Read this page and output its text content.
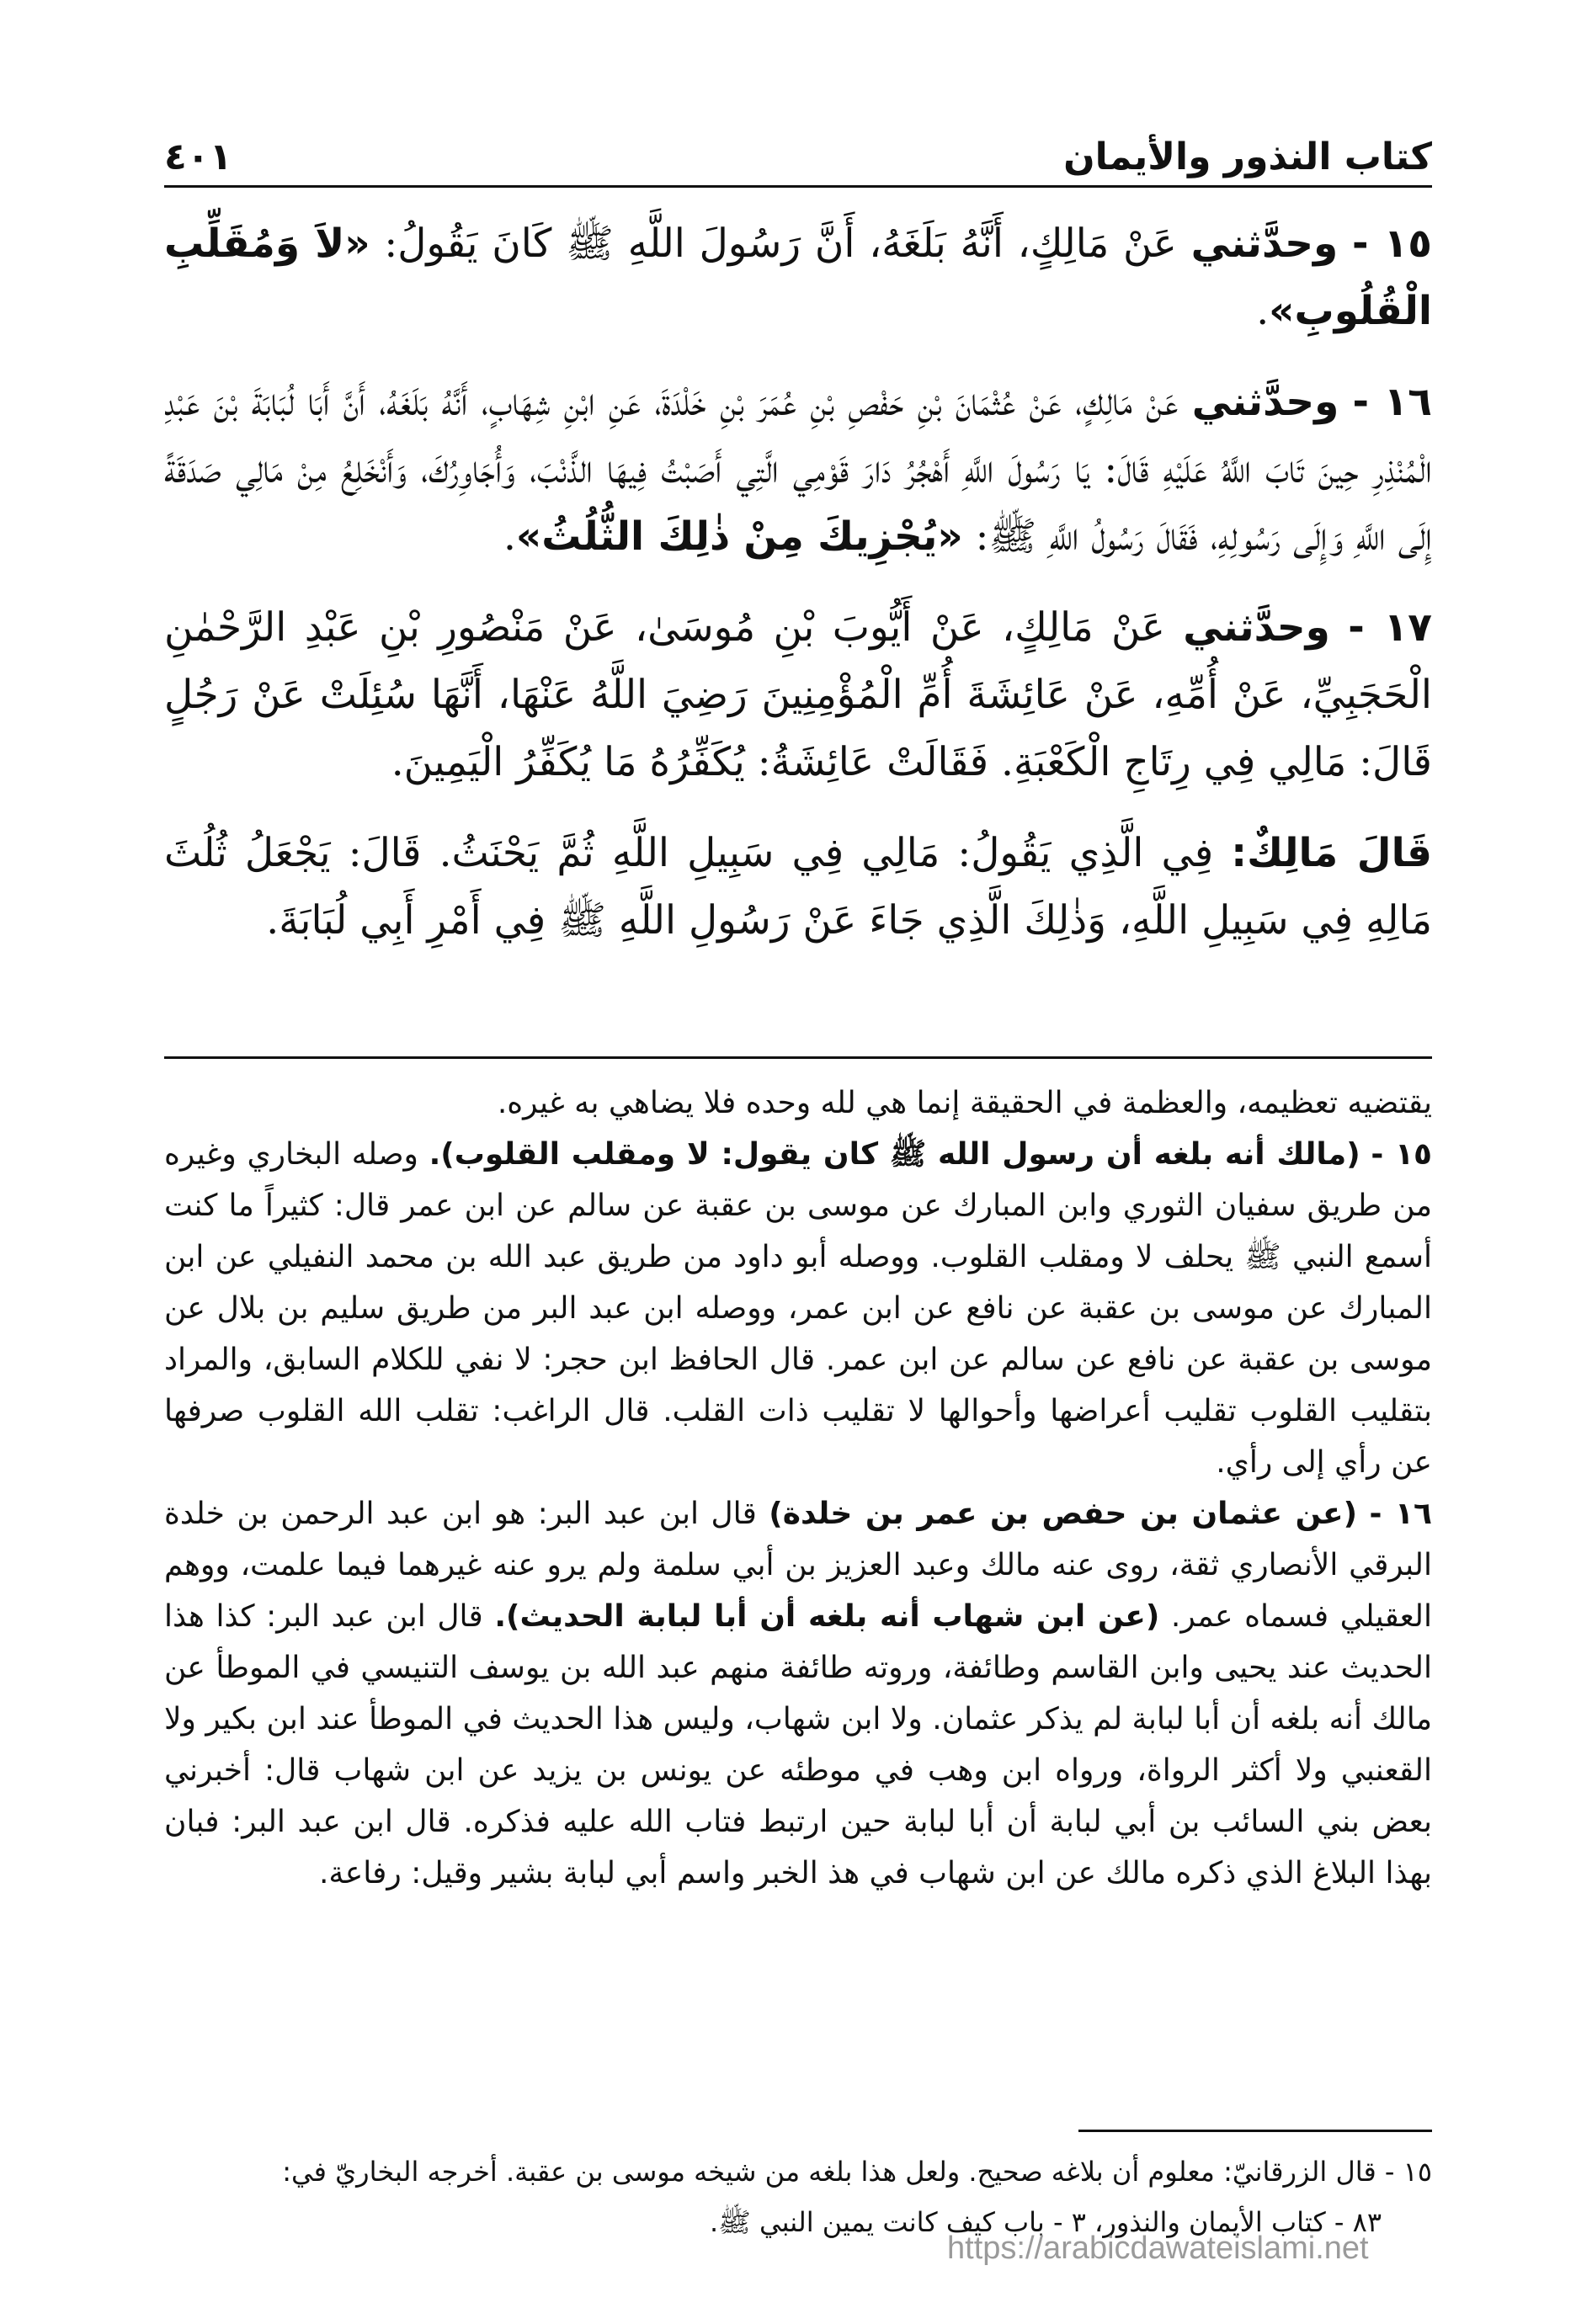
كتاب النذور والأيمان
٤٠١

١٥ - وحدَّثني عَنْ مَالِكٍ، أَنَّهُ بَلَغَهُ، أَنَّ رَسُولَ اللَّهِ ﷺ كَانَ يَقُولُ: «لاَ وَمُقَلِّبِ الْقُلُوبِ».

١٦ - وحدَّثني عَنْ مَالِكٍ، عَنْ عُثْمَانَ بْنِ حَفْصِ بْنِ عُمَرَ بْنِ خَلْدَةَ، عَنِ ابْنِ شِهَابٍ، أَنَّهُ بَلَغَهُ، أَنَّ أَبَا لُبَابَةَ بْنَ عَبْدِ الْمُنْذِرِ حِينَ تَابَ اللَّهُ عَلَيْهِ قَالَ: يَا رَسُولَ اللَّهِ أَهْجُرُ دَارَ قَوْمِي الَّتِي أَصَبْتُ فِيهَا الذَّنْبَ، وَأُجَاوِرُكَ، وَأَنْخَلِعُ مِنْ مَالِي صَدَقَةً إِلَى اللَّهِ وَإِلَى رَسُولِهِ، فَقَالَ رَسُولُ اللَّهِ ﷺ: «يُجْزِيكَ مِنْ ذٰلِكَ الثُّلُثُ».

١٧ - وحدَّثني عَنْ مَالِكٍ، عَنْ أَيُّوبَ بْنِ مُوسَىٰ، عَنْ مَنْصُورِ بْنِ عَبْدِ الرَّحْمٰنِ الْحَجَبِيِّ، عَنْ أُمِّهِ، عَنْ عَائِشَةَ أُمِّ الْمُؤْمِنِينَ رَضِيَ اللَّهُ عَنْهَا، أَنَّهَا سُئِلَتْ عَنْ رَجُلٍ قَالَ: مَالِي فِي رِتَاجِ الْكَعْبَةِ. فَقَالَتْ عَائِشَةُ: يُكَفِّرُهُ مَا يُكَفِّرُ الْيَمِينَ.

قَالَ مَالِكٌ: فِي الَّذِي يَقُولُ: مَالِي فِي سَبِيلِ اللَّهِ ثُمَّ يَحْنَثُ. قَالَ: يَجْعَلُ ثُلُثَ مَالِهِ فِي سَبِيلِ اللَّهِ، وَذٰلِكَ الَّذِي جَاءَ عَنْ رَسُولِ اللَّهِ ﷺ فِي أَمْرِ أَبِي لُبَابَةَ.

يقتضيه تعظيمه، والعظمة في الحقيقة إنما هي لله وحده فلا يضاهي به غيره.

١٥ - (مالك أنه بلغه أن رسول الله ﷺ كان يقول: لا ومقلب القلوب). وصله البخاري وغيره من طريق سفيان الثوري وابن المبارك عن موسى بن عقبة عن سالم عن ابن عمر قال: كثيراً ما كنت أسمع النبي ﷺ يحلف لا ومقلب القلوب. ووصله أبو داود من طريق عبد الله بن محمد النفيلي عن ابن المبارك عن موسى بن عقبة عن نافع عن ابن عمر، ووصله ابن عبد البر من طريق سليم بن بلال عن موسى بن عقبة عن نافع عن سالم عن ابن عمر. قال الحافظ ابن حجر: لا نفي للكلام السابق، والمراد بتقليب القلوب تقليب أعراضها وأحوالها لا تقليب ذات القلب. قال الراغب: تقلب الله القلوب صرفها عن رأي إلى رأي.

١٦ - (عن عثمان بن حفص بن عمر بن خلدة) قال ابن عبد البر: هو ابن عبد الرحمن بن خلدة البرقي الأنصاري ثقة، روى عنه مالك وعبد العزيز بن أبي سلمة ولم يرو عنه غيرهما فيما علمت، ووهم العقيلي فسماه عمر. (عن ابن شهاب أنه بلغه أن أبا لبابة الحديث). قال ابن عبد البر: كذا هذا الحديث عند يحيى وابن القاسم وطائفة، وروته طائفة منهم عبد الله بن يوسف التنيسي في الموطأ عن مالك أنه بلغه أن أبا لبابة لم يذكر عثمان. ولا ابن شهاب، وليس هذا الحديث في الموطأ عند ابن بكير ولا القعنبي ولا أكثر الرواة، ورواه ابن وهب في موطئه عن يونس بن يزيد عن ابن شهاب قال: أخبرني بعض بني السائب بن أبي لبابة أن أبا لبابة حين ارتبط فتاب الله عليه فذكره. قال ابن عبد البر: فبان بهذا البلاغ الذي ذكره مالك عن ابن شهاب في هذ الخبر واسم أبي لبابة بشير وقيل: رفاعة.

١٥ - قال الزرقانيّ: معلوم أن بلاغه صحيح. ولعل هذا بلغه من شيخه موسى بن عقبة. أخرجه البخاريّ في:

٨٣ - كتاب الأيمان والنذور، ٣ - باب كيف كانت يمين النبي ﷺ.

https://arabicdawateislami.net
